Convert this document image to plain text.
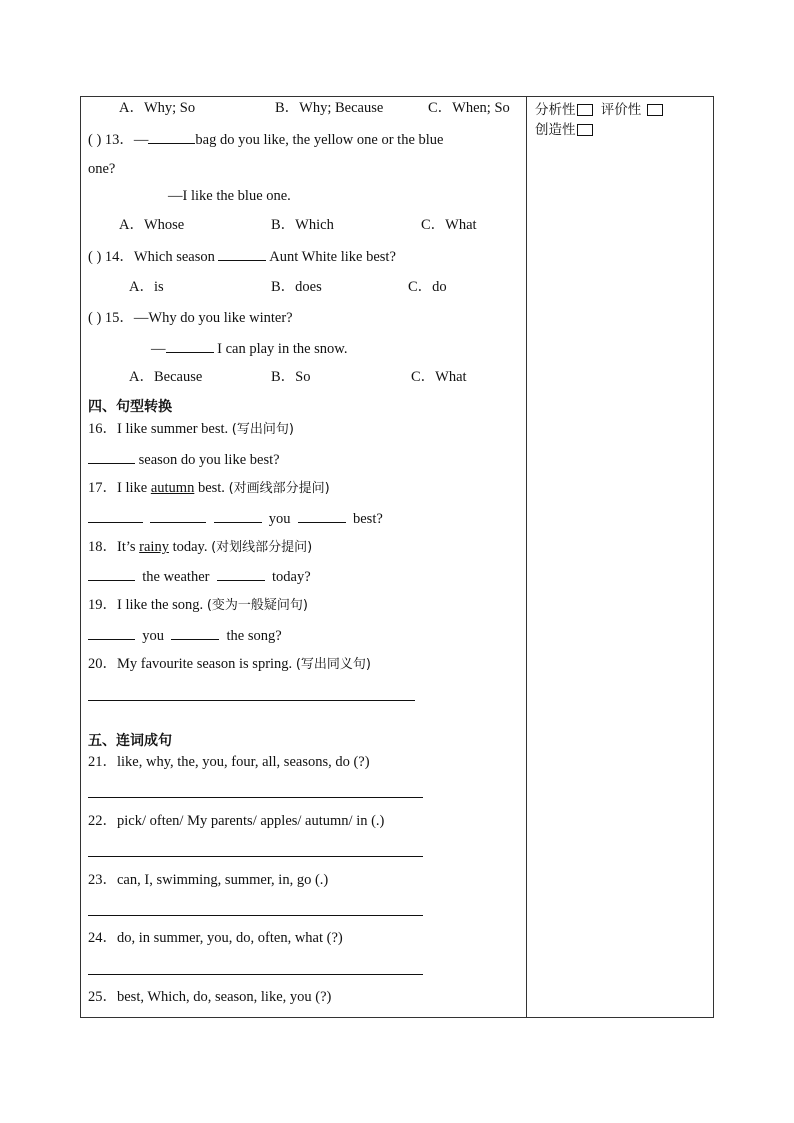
A．Why; So	B．Why; Because	C．When; So
( ) 13．—	bag do you like, the yellow one or the blue
one?
—I like the blue one.
A．Whose	B．Which	C．What
( ) 14．Which season	Aunt White like best?
A．is	B．does	C．do
( ) 15．—Why do you like winter?
—	I can play in the snow.
A．Because	B．So	C．What
四、句型转换
16．I like summer best. (写出问句)
season do you like best?
17．I like autumn best. (对画线部分提问)
you	best?
18．It’s rainy today. (对划线部分提问)
the weather	today?
19．I like the song. (变为一般疑问句)
you	the song?
20．My favourite season is spring. (写出同义句)
五、连词成句
21．like, why, the, you, four, all, seasons, do (?)
22．pick/ often/ My parents/ apples/ autumn/ in (.)
23．can, I, swimming, summer, in, go (.)
24．do, in summer, you, do, often, what (?)
25．best, Which, do, season, like, you (?)
分析性 评价性
创造性
